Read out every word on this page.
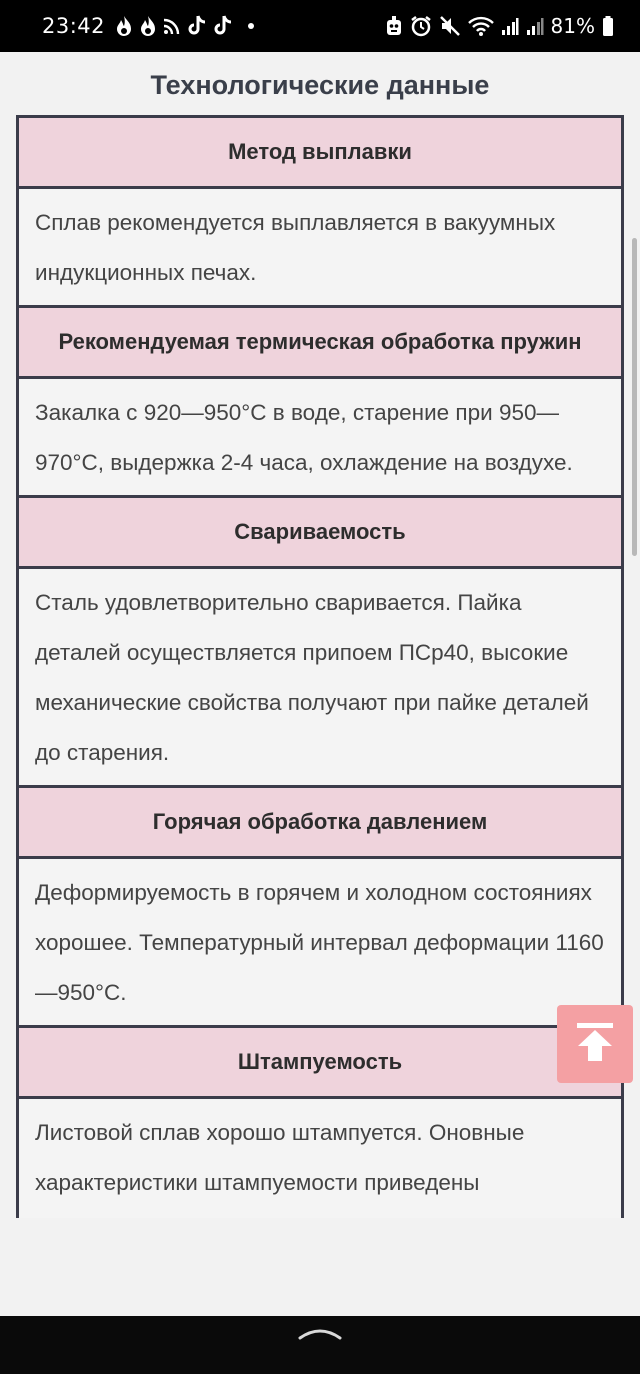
23:42	81%
Технологические данные
Метод выплавки
Сплав рекомендуется выплавляется в вакуумных индукционных печах.
Рекомендуемая термическая обработка пружин
Закалка с 920—950°С в воде, старение при 950—970°С, выдержка 2-4 часа, охлаждение на воздухе.
Свариваемость
Сталь удовлетворительно сваривается. Пайка деталей осуществляется припоем ПСр40, высокие механические свойства получают при пайке деталей до старения.
Горячая обработка давлением
Деформируемость в горячем и холодном состояниях хорошее. Температурный интервал деформации 1160—950°С.
Штампуемость
Листовой сплав хорошо штампуется. Оновные характеристики штампуемости приведены
